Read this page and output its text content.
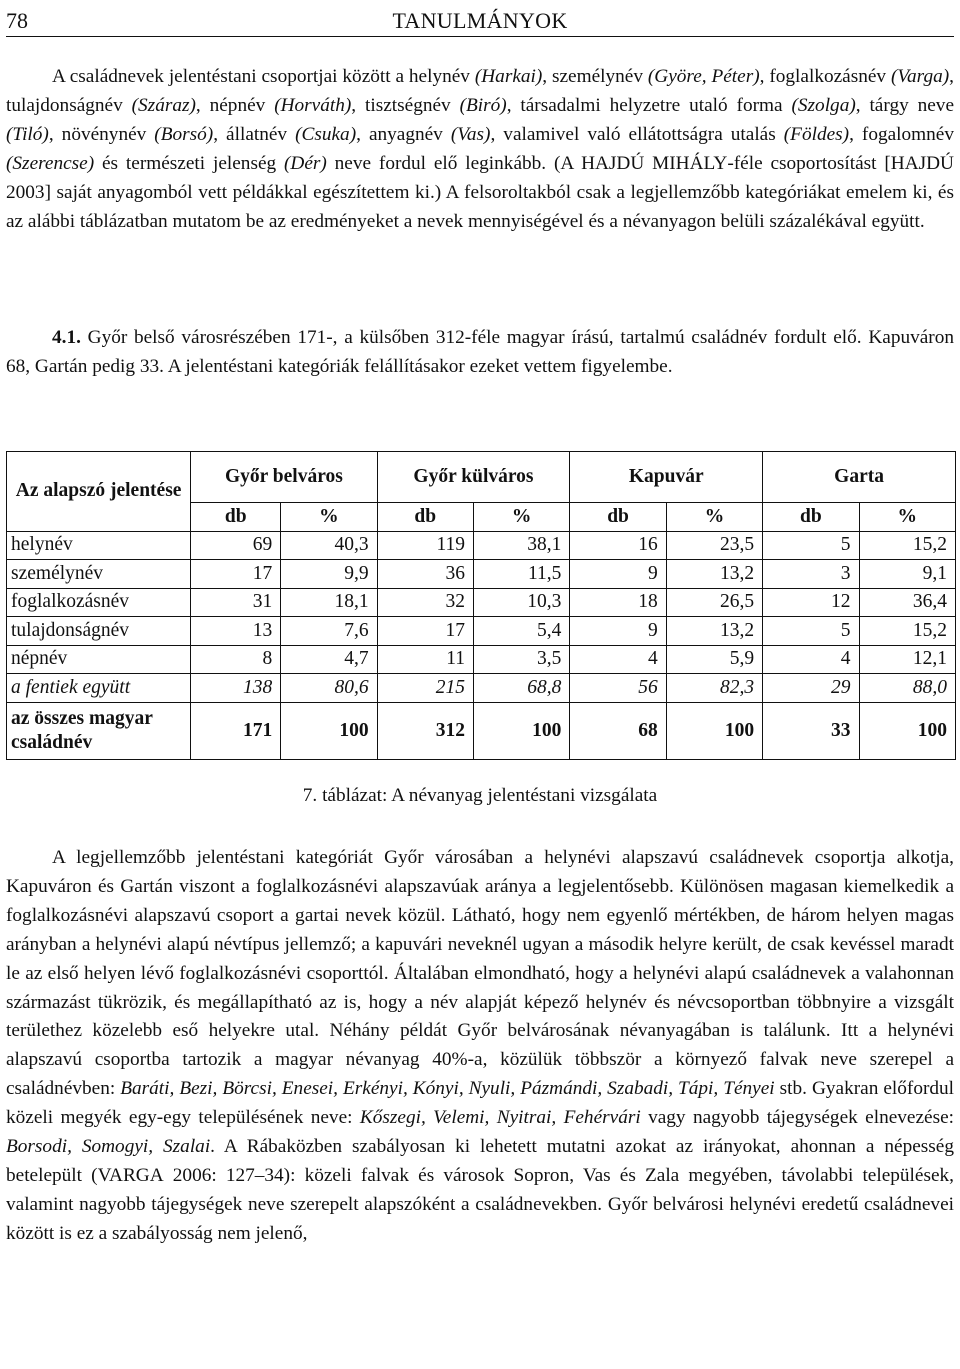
78	TANULMÁNYOK

A családnevek jelentéstani csoportjai között a helynév (Harkai), személynév (Györe, Péter), foglalkozásnév (Varga), tulajdonságnév (Száraz), népnév (Horváth), tisztségnév (Biró), társadalmi helyzetre utaló forma (Szolga), tárgy neve (Tiló), növénynév (Borsó), állatnév (Csuka), anyagnév (Vas), valamivel való ellátottságra utalás (Földes), fogalomnév (Szerencse) és természeti jelenség (Dér) neve fordul elő leginkább. (A HAJDÚ MIHÁLY-féle csoportosítást [HAJDÚ 2003] saját anyagomból vett példákkal egészítettem ki.) A felsoroltakból csak a legjellemzőbb kategóriákat emelem ki, és az alábbi táblázatban mutatom be az eredményeket a nevek mennyiségével és a névanyagon belüli százalékával együtt.

4.1. Győr belső városrészében 171-, a külsőben 312-féle magyar írású, tartalmú családnév fordult elő. Kapuváron 68, Gartán pedig 33. A jelentéstani kategóriák felállításakor ezeket vettem figyelembe.

Az alapszó jelentése	Győr belváros		Győr külváros		Kapuvár		Garta	
	db	%	db	%	db	%	db	%
helynév	69	40,3	119	38,1	16	23,5	5	15,2
személynév	17	9,9	36	11,5	9	13,2	3	9,1
foglalkozásnév	31	18,1	32	10,3	18	26,5	12	36,4
tulajdonságnév	13	7,6	17	5,4	9	13,2	5	15,2
népnév	8	4,7	11	3,5	4	5,9	4	12,1
a fentiek együtt	138	80,6	215	68,8	56	82,3	29	88,0
az összes magyar családnév	171	100	312	100	68	100	33	100
7. táblázat: A névanyag jelentéstani vizsgálata

A legjellemzőbb jelentéstani kategóriát Győr városában a helynévi alapszavú családnevek csoportja alkotja, Kapuváron és Gartán viszont a foglalkozásnévi alapszavúak aránya a legjelentősebb. Különösen magasan kiemelkedik a foglalkozásnévi alapszavú csoport a gartai nevek közül. Látható, hogy nem egyenlő mértékben, de három helyen magas arányban a helynévi alapú névtípus jellemző; a kapuvári neveknél ugyan a második helyre került, de csak kevéssel maradt le az első helyen lévő foglalkozásnévi csoporttól. Általában elmondható, hogy a helynévi alapú családnevek a valahonnan származást tükrözik, és megállapítható az is, hogy a név alapját képező helynév és névcsoportban többnyire a vizsgált területhez közelebb eső helyekre utal. Néhány példát Győr belvárosának névanyagában is találunk. Itt a helynévi alapszavú csoportba tartozik a magyar névanyag 40%-a, közülük többször a környező falvak neve szerepel a családnévben: Baráti, Bezi, Börcsi, Enesei, Erkényi, Kónyi, Nyuli, Pázmándi, Szabadi, Tápi, Tényei stb. Gyakran előfordul közeli megyék egy-egy településének neve: Kőszegi, Velemi, Nyitrai, Fehérvári vagy nagyobb tájegységek elnevezése: Borsodi, Somogyi, Szalai. A Rábaközben szabályosan ki lehetett mutatni azokat az irányokat, ahonnan a népesség betelepült (VARGA 2006: 127–34): közeli falvak és városok Sopron, Vas és Zala megyében, távolabbi települések, valamint nagyobb tájegységek neve szerepelt alapszóként a családnevekben. Győr belvárosi helynévi eredetű családnevei között is ez a szabályosság nem jelenő,
